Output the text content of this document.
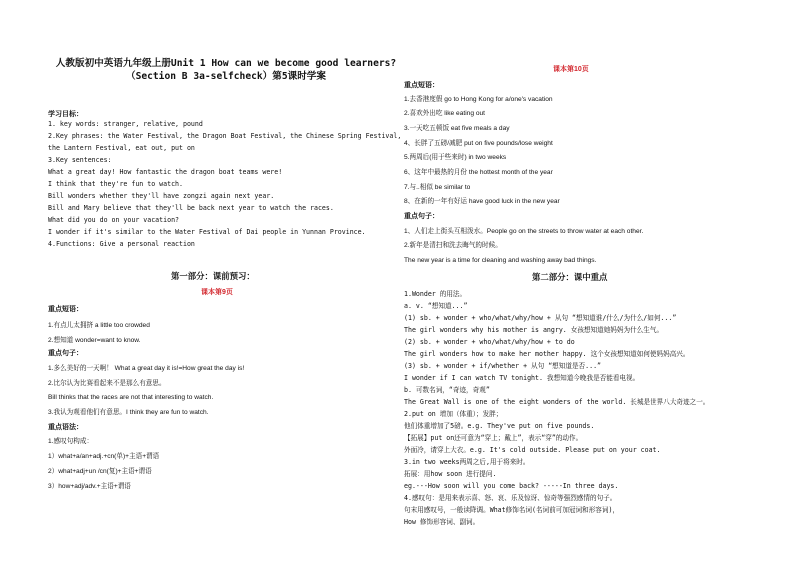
人教版初中英语九年级上册Unit 1 How can we become good learners?
（Section B 3a-selfcheck）第5课时学案
学习目标：
1. key words: stranger, relative, pound
2.Key phrases: the Water Festival, the Dragon Boat Festival, the Chinese Spring Festival,
the Lantern Festival, eat out, put on
3.Key sentences:
What a great day! How fantastic the dragon boat teams were!
I think that they're fun to watch.
Bill wonders whether they'll have zongzi again next year.
Bill and Mary believe that they'll be back next year to watch the races.
What did you do on your vacation?
I wonder if it's similar to the Water Festival of Dai people in Yunnan Province.
4.Functions: Give a personal reaction
第一部分：课前预习：
课本第9页
重点短语：
1.有点儿太拥挤 a little too crowded
2.想知道 wonder=want to know.
重点句子：
1.多么美好的一天啊！ What a great day it is!=How great the day is!
2.比尔认为比赛看起来不是那么有意思。
Bill thinks that the races are not that interesting to watch.
3.我认为观看他们有意思。I think they are fun to watch.
重点语法：
1.感叹句构成：
1）what+a/an+adj.+cn(单)+主语+谓语
2）what+adj+un /cn(复)+主语+谓语
3）how+adj/adv.+主语+谓语
课本第10页
重点短语：
1.去香港度假 go to Hong Kong for a/one's vacation
2.喜欢外出吃 like eating out
3.一天吃五顿饭 eat five meals a day
4、长胖了五磅/减肥 put on five pounds/lose weight
5.两周后(用于些来时) in two weeks
6、这年中最热的月份 the hottest month of the year
7.与..相似 be similar to
8、在新的一年有好运 have good luck in the new year
重点句子：
1、人们走上街头互相泼水。People go on the streets to throw water at each other.
2.新年是清扫和洗去晦气的时候。
The new year is a time for cleaning and washing away bad things.
第二部分：课中重点
1.Wonder 的用法。
a. v. “想知道...”
(1) sb. + wonder + who/what/why/how + 从句 “想知道谁/什么/为什么/如何...”
The girl wonders why his mother is angry. 女孩想知道她妈妈为什么生气。
(2) sb. + wonder + who/what/why/how + to do
The girl wonders how to make her mother happy. 这个女孩想知道如何使妈妈高兴。
(3) sb. + wonder + if/whether + 从句 “想知道是否...”
I wonder if I can watch TV tonight. 我想知道今晚我是否能看电视。
b. 可数名词，“奇迹，奇观”
The Great Wall is one of the eight wonders of the world. 长城是世界八大奇迹之一。
2.put on 增加（体重）；发胖；
他们体重增加了5磅。e.g. They've put on five pounds.
【拓展】put on还可意为“穿上；戴上”，表示“穿”的动作。
外面冷，请穿上大衣。e.g. It's cold outside. Please put on your coat.
3.in two weeks两周之后,用于将来时。
拓展：用how soon 进行提问.
eg.---How soon will you come back? -----In three days.
4.感叹句：是用来表示喜、怒、哀、乐及惊讶、惊奇等强烈感情的句子。
句末用感叹号，一般读降调。What修饰名词(名词前可加冠词和形容词)，
How 修饰形容词、副词。
